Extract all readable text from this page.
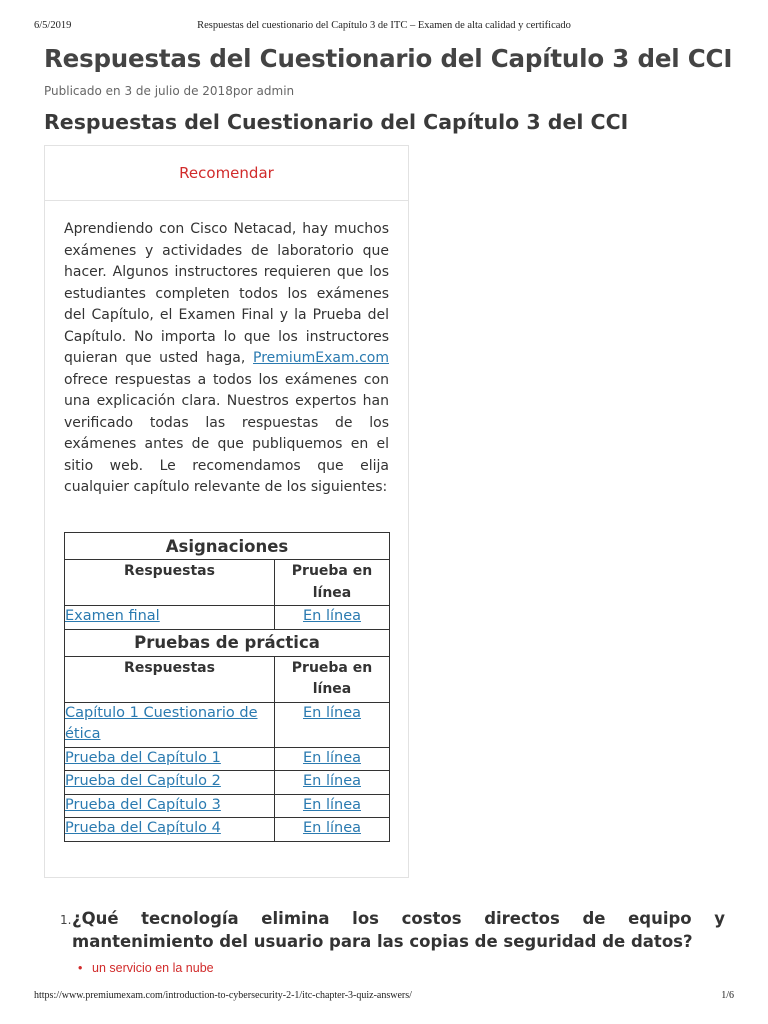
6/5/2019	Respuestas del cuestionario del Capítulo 3 de ITC – Examen de alta calidad y certificado
Respuestas del Cuestionario del Capítulo 3 del CCI
Publicado en 3 de julio de 2018por admin
Respuestas del Cuestionario del Capítulo 3 del CCI
Recomendar

Aprendiendo con Cisco Netacad, hay muchos exámenes y actividades de laboratorio que hacer. Algunos instructores requieren que los estudiantes completen todos los exámenes del Capítulo, el Examen Final y la Prueba del Capítulo. No importa lo que los instructores quieran que usted haga, PremiumExam.com ofrece respuestas a todos los exámenes con una explicación clara. Nuestros expertos han verificado todas las respuestas de los exámenes antes de que publiquemos en el sitio web. Le recomendamos que elija cualquier capítulo relevante de los siguientes:

Asignaciones	
Respuestas	Prueba en línea
Examen final	En línea
Pruebas de práctica	
Respuestas	Prueba en línea
Capítulo 1 Cuestionario de ética	En línea
Prueba del Capítulo 1	En línea
Prueba del Capítulo 2	En línea
Prueba del Capítulo 3	En línea
Prueba del Capítulo 4	En línea
1. ¿Qué tecnología elimina los costos directos de equipo y mantenimiento del usuario para las copias de seguridad de datos?
• un servicio en la nube
https://www.premiumexam.com/introduction-to-cybersecurity-2-1/itc-chapter-3-quiz-answers/	1/6
